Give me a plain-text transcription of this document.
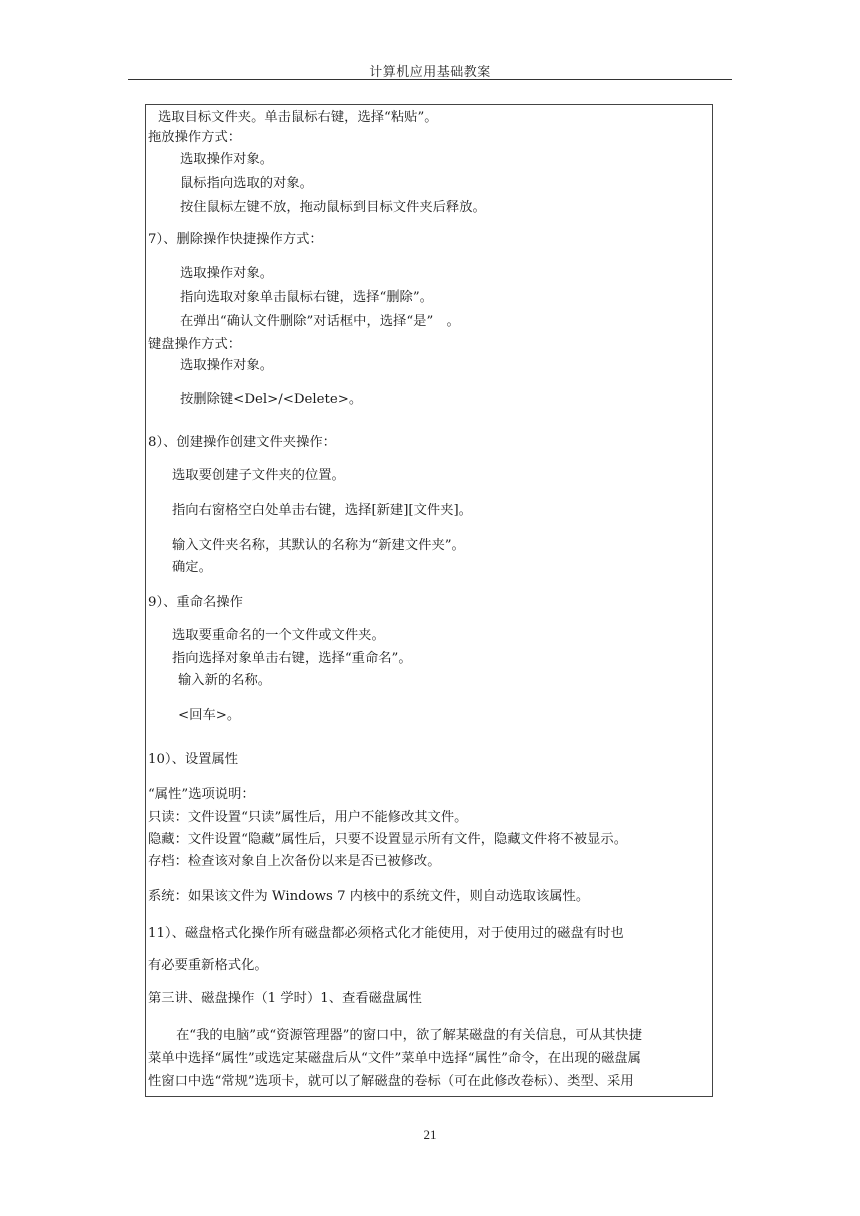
计算机应用基础教案
选取目标文件夹。单击鼠标右键，选择“粘贴”。
拖放操作方式：
选取操作对象。
鼠标指向选取的对象。
按住鼠标左键不放，拖动鼠标到目标文件夹后释放。
7）、删除操作快捷操作方式：
选取操作对象。
指向选取对象单击鼠标右键，选择“删除”。
在弹出“确认文件删除”对话框中，选择“是”　。
键盘操作方式：
选取操作对象。
按删除键<Del>/<Delete>。
8）、创建操作创建文件夹操作：
选取要创建子文件夹的位置。
指向右窗格空白处单击右键，选择[新建][文件夹]。
输入文件夹名称，其默认的名称为“新建文件夹”。
确定。
9）、重命名操作
选取要重命名的一个文件或文件夹。
指向选择对象单击右键，选择“重命名”。
输入新的名称。
<回车>。
10）、设置属性
“属性”选项说明：
只读：文件设置“只读”属性后，用户不能修改其文件。
隐藏：文件设置“隐藏”属性后，只要不设置显示所有文件，隐藏文件将不被显示。
存档：检查该对象自上次备份以来是否已被修改。
系统：如果该文件为 Windows 7 内核中的系统文件，则自动选取该属性。
11）、磁盘格式化操作所有磁盘都必须格式化才能使用，对于使用过的磁盘有时也
有必要重新格式化。
第三讲、磁盘操作（1 学时）1、查看磁盘属性
在“我的电脑”或“资源管理器”的窗口中，欲了解某磁盘的有关信息，可从其快捷
菜单中选择“属性”或选定某磁盘后从“文件”菜单中选择“属性”命令，在出现的磁盘属
性窗口中选“常规”选项卡，就可以了解磁盘的卷标（可在此修改卷标）、类型、采用
21
